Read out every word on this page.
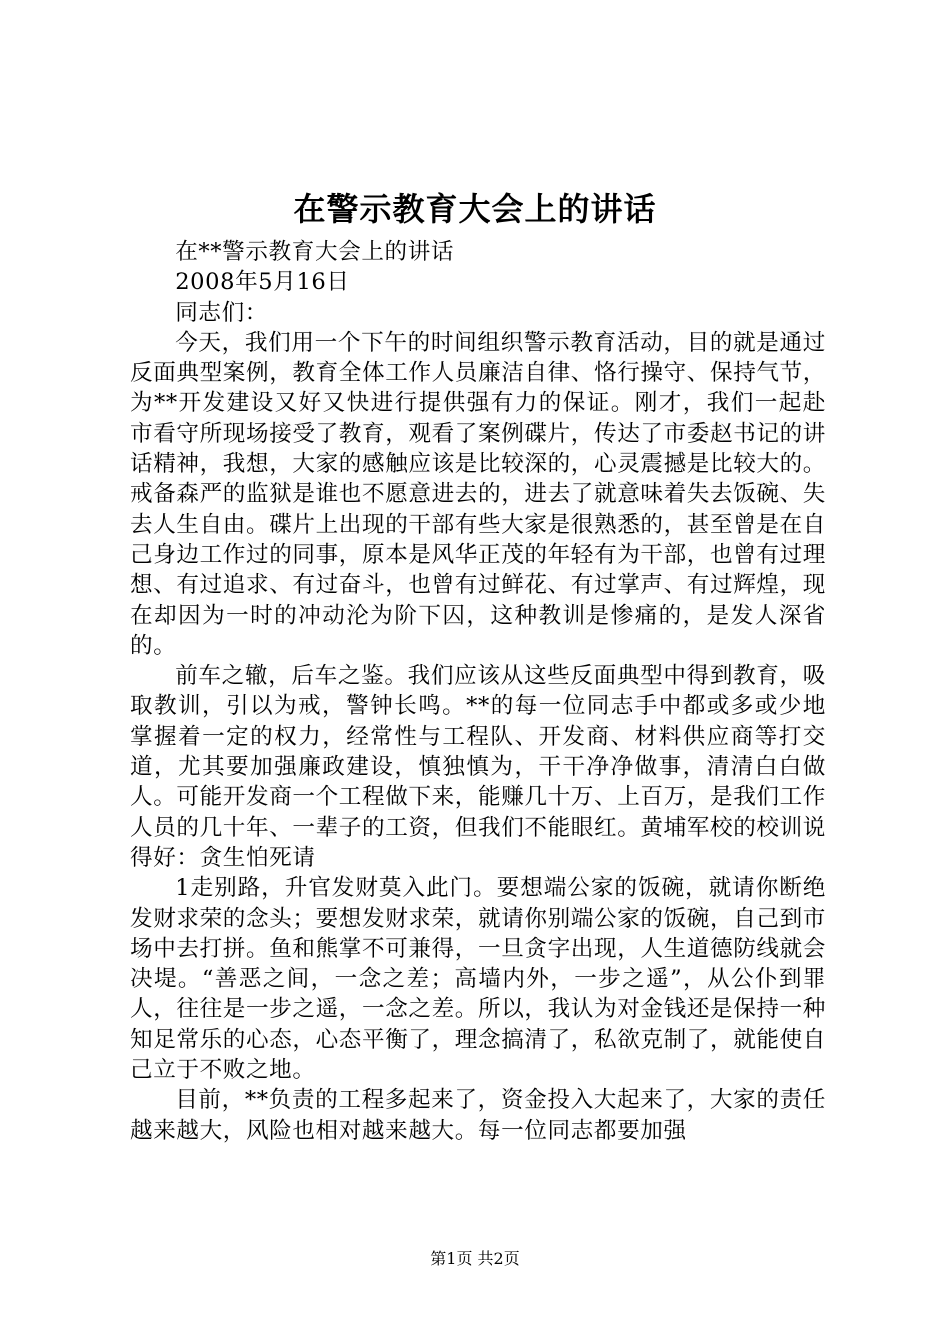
在警示教育大会上的讲话
在**警示教育大会上的讲话
2008年5月16日
同志们：
今天，我们用一个下午的时间组织警示教育活动，目的就是通过反面典型案例，教育全体工作人员廉洁自律、恪行操守、保持气节，为**开发建设又好又快进行提供强有力的保证。刚才，我们一起赴市看守所现场接受了教育，观看了案例碟片，传达了市委赵书记的讲话精神，我想，大家的感触应该是比较深的，心灵震撼是比较大的。戒备森严的监狱是谁也不愿意进去的，进去了就意味着失去饭碗、失去人生自由。碟片上出现的干部有些大家是很熟悉的，甚至曾是在自己身边工作过的同事，原本是风华正茂的年轻有为干部，也曾有过理想、有过追求、有过奋斗，也曾有过鲜花、有过掌声、有过辉煌，现在却因为一时的冲动沦为阶下囚，这种教训是惨痛的，是发人深省的。
前车之辙，后车之鉴。我们应该从这些反面典型中得到教育，吸取教训，引以为戒，警钟长鸣。**的每一位同志手中都或多或少地掌握着一定的权力，经常性与工程队、开发商、材料供应商等打交道，尤其要加强廉政建设，慎独慎为，干干净净做事，清清白白做人。可能开发商一个工程做下来，能赚几十万、上百万，是我们工作人员的几十年、一辈子的工资，但我们不能眼红。黄埔军校的校训说得好：贪生怕死请
1走别路，升官发财莫入此门。要想端公家的饭碗，就请你断绝发财求荣的念头；要想发财求荣，就请你别端公家的饭碗，自己到市场中去打拼。鱼和熊掌不可兼得，一旦贪字出现，人生道德防线就会决堤。“善恶之间，一念之差；高墙内外，一步之遥”，从公仆到罪人，往往是一步之遥，一念之差。所以，我认为对金钱还是保持一种知足常乐的心态，心态平衡了，理念搞清了，私欲克制了，就能使自己立于不败之地。
目前，**负责的工程多起来了，资金投入大起来了，大家的责任越来越大，风险也相对越来越大。每一位同志都要加强
第1页 共2页
